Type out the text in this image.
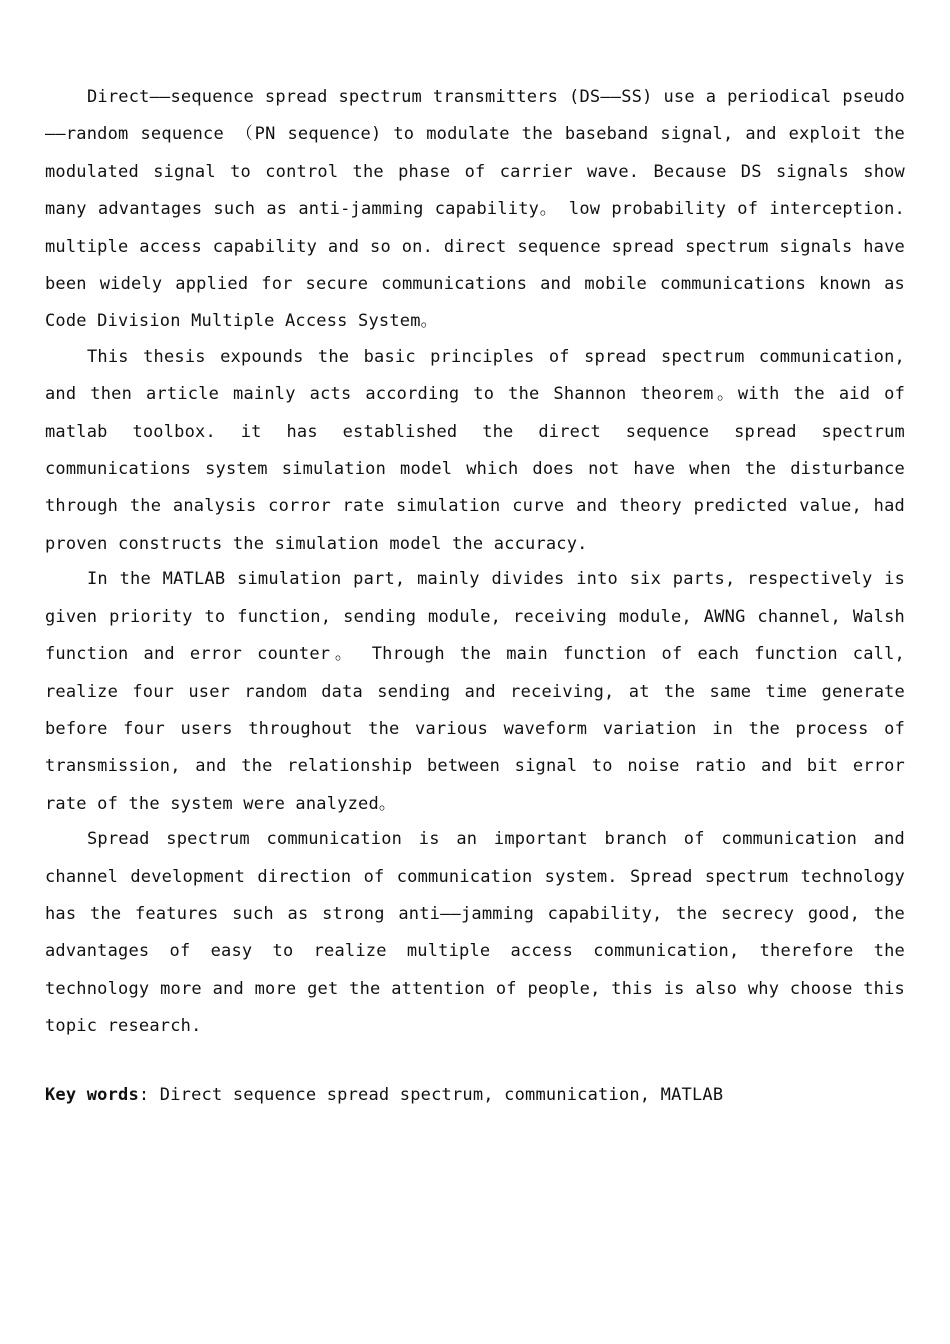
Direct——sequence spread spectrum transmitters (DS——SS) use a periodical pseudo——random sequence （PN sequence) to modulate the baseband signal, and exploit the modulated signal to control the phase of carrier wave. Because DS signals show many advantages such as anti-jamming capability。 low probability of interception. multiple access capability and so on. direct sequence spread spectrum signals have been widely applied for secure communications and mobile communications known as Code Division Multiple Access System。

This thesis expounds the basic principles of spread spectrum communication, and then article mainly acts according to the Shannon theorem。with the aid of matlab toolbox. it has established the direct sequence spread spectrum communications system simulation model which does not have when the disturbance through the analysis corror rate simulation curve and theory predicted value, had proven constructs the simulation model the accuracy.

In the MATLAB simulation part, mainly divides into six parts, respectively is given priority to function, sending module, receiving module, AWNG channel, Walsh function and error counter。 Through the main function of each function call, realize four user random data sending and receiving, at the same time generate before four users throughout the various waveform variation in the process of transmission, and the relationship between signal to noise ratio and bit error rate of the system were analyzed。

Spread spectrum communication is an important branch of communication and channel development direction of communication system. Spread spectrum technology has the features such as strong anti——jamming capability, the secrecy good, the advantages of easy to realize multiple access communication, therefore the technology more and more get the attention of people, this is also why choose this topic research.

Key words: Direct sequence spread spectrum, communication, MATLAB
